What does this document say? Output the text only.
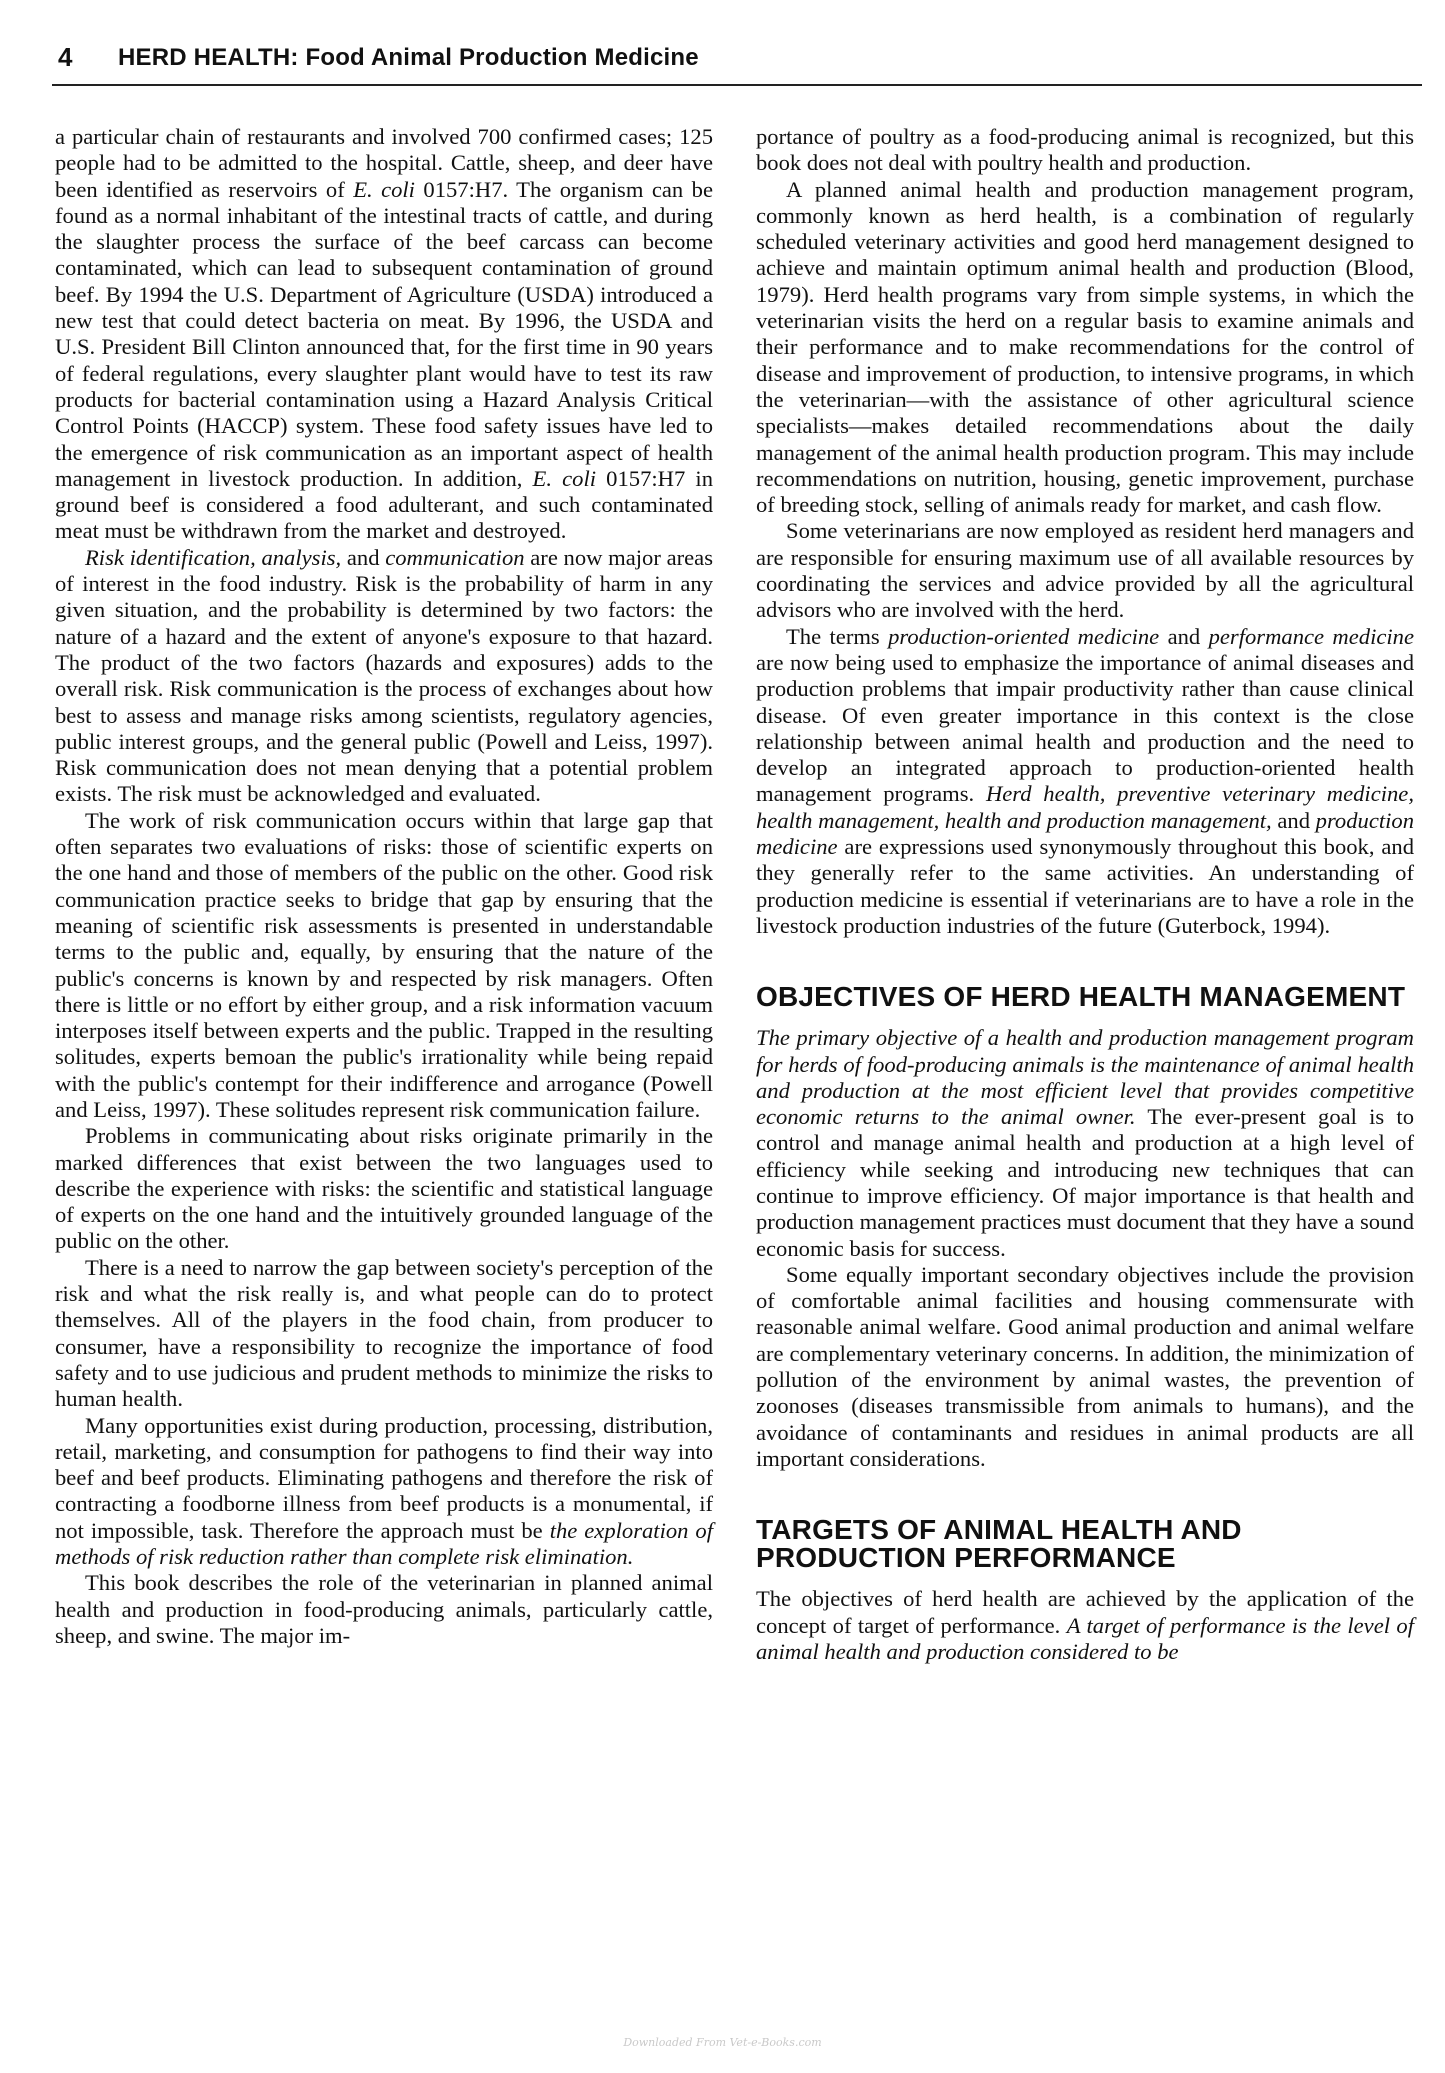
4 HERD HEALTH: Food Animal Production Medicine

a particular chain of restaurants and involved 700 confirmed cases; 125 people had to be admitted to the hospital. Cattle, sheep, and deer have been identified as reservoirs of E. coli 0157:H7. The organism can be found as a normal inhabitant of the intestinal tracts of cattle, and during the slaughter process the surface of the beef carcass can become contaminated, which can lead to subsequent contamination of ground beef. By 1994 the U.S. Department of Agriculture (USDA) introduced a new test that could detect bacteria on meat. By 1996, the USDA and U.S. President Bill Clinton announced that, for the first time in 90 years of federal regulations, every slaughter plant would have to test its raw products for bacterial contamination using a Hazard Analysis Critical Control Points (HACCP) system. These food safety issues have led to the emergence of risk communication as an important aspect of health management in livestock production. In addition, E. coli 0157:H7 in ground beef is considered a food adulterant, and such contaminated meat must be withdrawn from the market and destroyed.

Risk identification, analysis, and communication are now major areas of interest in the food industry. Risk is the probability of harm in any given situation, and the probability is determined by two factors: the nature of a hazard and the extent of anyone's exposure to that hazard. The product of the two factors (hazards and exposures) adds to the overall risk. Risk communication is the process of exchanges about how best to assess and manage risks among scientists, regulatory agencies, public interest groups, and the general public (Powell and Leiss, 1997). Risk communication does not mean denying that a potential problem exists. The risk must be acknowledged and evaluated.

The work of risk communication occurs within that large gap that often separates two evaluations of risks: those of scientific experts on the one hand and those of members of the public on the other. Good risk communication practice seeks to bridge that gap by ensuring that the meaning of scientific risk assessments is presented in understandable terms to the public and, equally, by ensuring that the nature of the public's concerns is known by and respected by risk managers. Often there is little or no effort by either group, and a risk information vacuum interposes itself between experts and the public. Trapped in the resulting solitudes, experts bemoan the public's irrationality while being repaid with the public's contempt for their indifference and arrogance (Powell and Leiss, 1997). These solitudes represent risk communication failure.

Problems in communicating about risks originate primarily in the marked differences that exist between the two languages used to describe the experience with risks: the scientific and statistical language of experts on the one hand and the intuitively grounded language of the public on the other.

There is a need to narrow the gap between society's perception of the risk and what the risk really is, and what people can do to protect themselves. All of the players in the food chain, from producer to consumer, have a responsibility to recognize the importance of food safety and to use judicious and prudent methods to minimize the risks to human health.

Many opportunities exist during production, processing, distribution, retail, marketing, and consumption for pathogens to find their way into beef and beef products. Eliminating pathogens and therefore the risk of contracting a foodborne illness from beef products is a monumental, if not impossible, task. Therefore the approach must be the exploration of methods of risk reduction rather than complete risk elimination.

This book describes the role of the veterinarian in planned animal health and production in food-producing animals, particularly cattle, sheep, and swine. The major im-

portance of poultry as a food-producing animal is recognized, but this book does not deal with poultry health and production.

A planned animal health and production management program, commonly known as herd health, is a combination of regularly scheduled veterinary activities and good herd management designed to achieve and maintain optimum animal health and production (Blood, 1979). Herd health programs vary from simple systems, in which the veterinarian visits the herd on a regular basis to examine animals and their performance and to make recommendations for the control of disease and improvement of production, to intensive programs, in which the veterinarian—with the assistance of other agricultural science specialists—makes detailed recommendations about the daily management of the animal health production program. This may include recommendations on nutrition, housing, genetic improvement, purchase of breeding stock, selling of animals ready for market, and cash flow.

Some veterinarians are now employed as resident herd managers and are responsible for ensuring maximum use of all available resources by coordinating the services and advice provided by all the agricultural advisors who are involved with the herd.

The terms production-oriented medicine and performance medicine are now being used to emphasize the importance of animal diseases and production problems that impair productivity rather than cause clinical disease. Of even greater importance in this context is the close relationship between animal health and production and the need to develop an integrated approach to production-oriented health management programs. Herd health, preventive veterinary medicine, health management, health and production management, and production medicine are expressions used synonymously throughout this book, and they generally refer to the same activities. An understanding of production medicine is essential if veterinarians are to have a role in the livestock production industries of the future (Guterbock, 1994).

OBJECTIVES OF HERD HEALTH MANAGEMENT

The primary objective of a health and production management program for herds of food-producing animals is the maintenance of animal health and production at the most efficient level that provides competitive economic returns to the animal owner. The ever-present goal is to control and manage animal health and production at a high level of efficiency while seeking and introducing new techniques that can continue to improve efficiency. Of major importance is that health and production management practices must document that they have a sound economic basis for success.

Some equally important secondary objectives include the provision of comfortable animal facilities and housing commensurate with reasonable animal welfare. Good animal production and animal welfare are complementary veterinary concerns. In addition, the minimization of pollution of the environment by animal wastes, the prevention of zoonoses (diseases transmissible from animals to humans), and the avoidance of contaminants and residues in animal products are all important considerations.

TARGETS OF ANIMAL HEALTH AND PRODUCTION PERFORMANCE

The objectives of herd health are achieved by the application of the concept of target of performance. A target of performance is the level of animal health and production considered to be

Downloaded From Vet-e-Books.com
